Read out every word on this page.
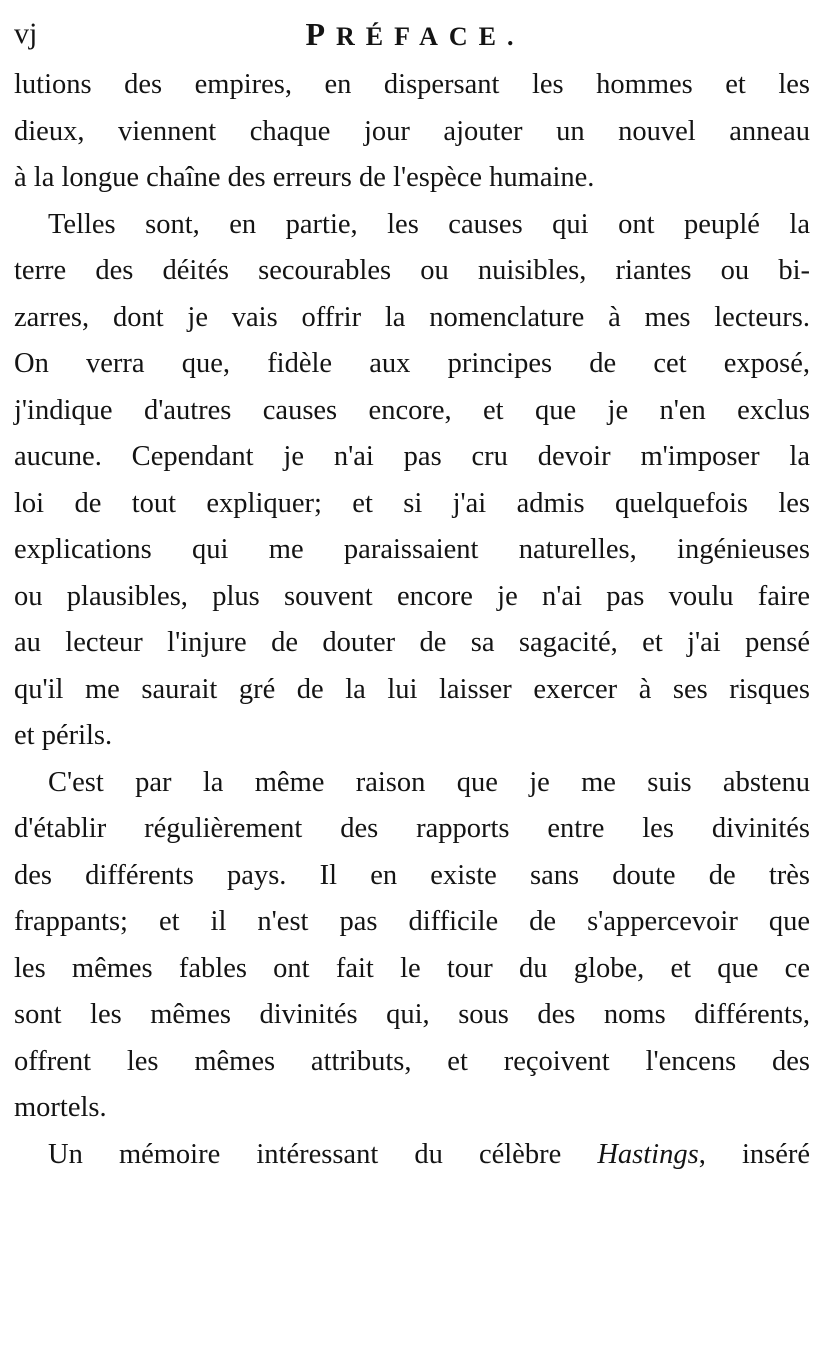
vj	PRÉFACE.
lutions des empires, en dispersant les hommes et les
dieux, viennent chaque jour ajouter un nouvel anneau
à la longue chaîne des erreurs de l'espèce humaine.
Telles sont, en partie, les causes qui ont peuplé la
terre des déités secourables ou nuisibles, riantes ou bi-
zarres, dont je vais offrir la nomenclature à mes lecteurs.
On verra que, fidèle aux principes de cet exposé,
j'indique d'autres causes encore, et que je n'en exclus
aucune. Cependant je n'ai pas cru devoir m'imposer la
loi de tout expliquer; et si j'ai admis quelquefois les
explications qui me paraissaient naturelles, ingénieuses
ou plausibles, plus souvent encore je n'ai pas voulu faire
au lecteur l'injure de douter de sa sagacité, et j'ai pensé
qu'il me saurait gré de la lui laisser exercer à ses risques
et périls.
C'est par la même raison que je me suis abstenu
d'établir régulièrement des rapports entre les divinités
des différents pays. Il en existe sans doute de très
frappants; et il n'est pas difficile de s'appercevoir que
les mêmes fables ont fait le tour du globe, et que ce
sont les mêmes divinités qui, sous des noms différents,
offrent les mêmes attributs, et reçoivent l'encens des
mortels.
Un mémoire intéressant du célèbre Hastings, inséré
